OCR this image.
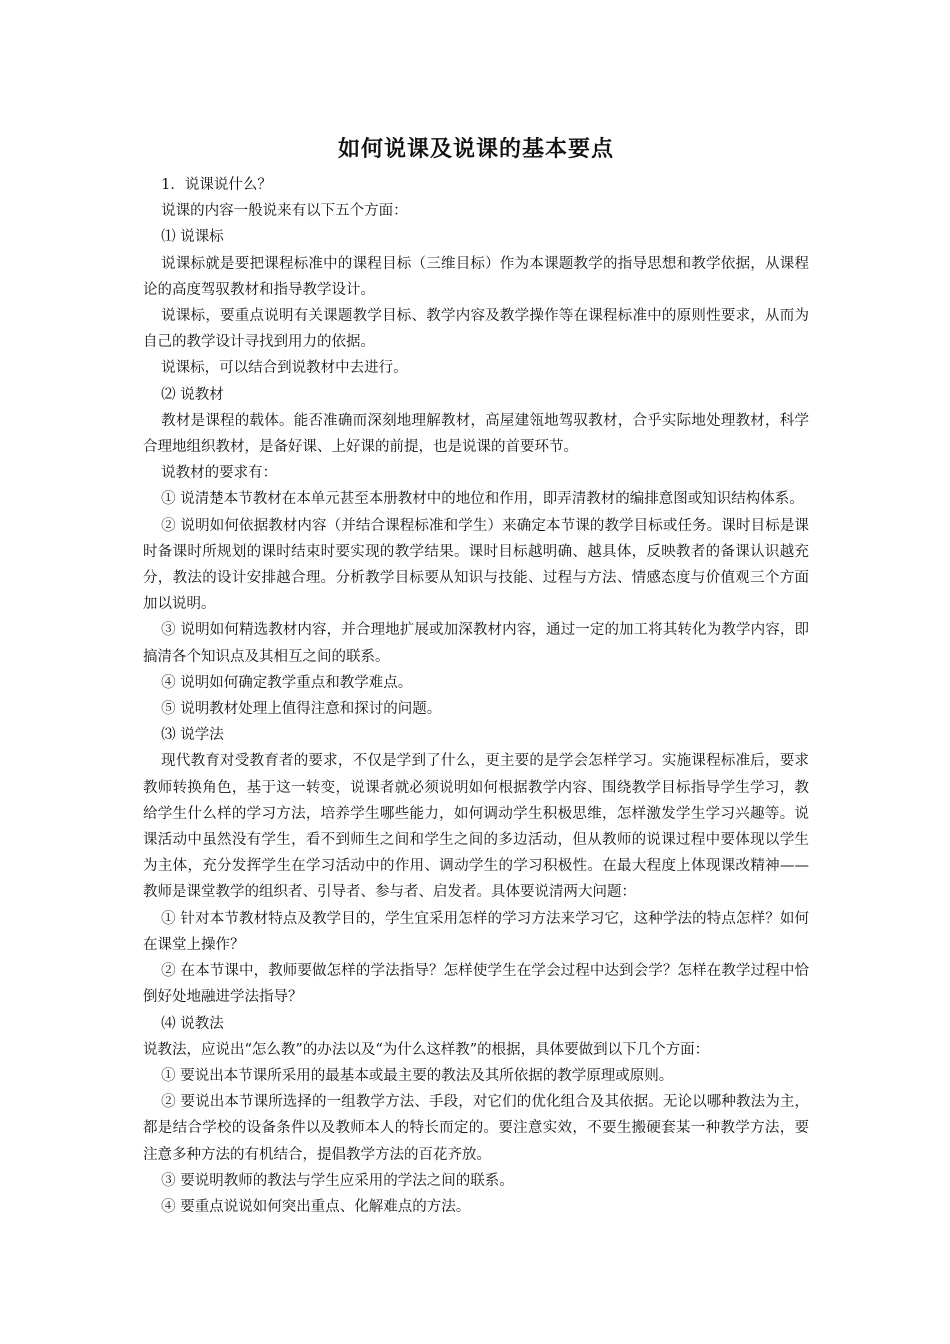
如何说课及说课的基本要点

1．说课说什么？

说课的内容一般说来有以下五个方面：

⑴ 说课标

说课标就是要把课程标准中的课程目标（三维目标）作为本课题教学的指导思想和教学依据，从课程论的高度驾驭教材和指导教学设计。

说课标，要重点说明有关课题教学目标、教学内容及教学操作等在课程标准中的原则性要求，从而为自己的教学设计寻找到用力的依据。

说课标，可以结合到说教材中去进行。

⑵ 说教材

教材是课程的载体。能否准确而深刻地理解教材，高屋建瓴地驾驭教材，合乎实际地处理教材，科学合理地组织教材，是备好课、上好课的前提，也是说课的首要环节。

说教材的要求有：

① 说清楚本节教材在本单元甚至本册教材中的地位和作用，即弄清教材的编排意图或知识结构体系。

② 说明如何依据教材内容（并结合课程标准和学生）来确定本节课的教学目标或任务。课时目标是课时备课时所规划的课时结束时要实现的教学结果。课时目标越明确、越具体，反映教者的备课认识越充分，教法的设计安排越合理。分析教学目标要从知识与技能、过程与方法、情感态度与价值观三个方面加以说明。

③ 说明如何精选教材内容，并合理地扩展或加深教材内容，通过一定的加工将其转化为教学内容，即搞清各个知识点及其相互之间的联系。

④ 说明如何确定教学重点和教学难点。

⑤ 说明教材处理上值得注意和探讨的问题。

⑶ 说学法

现代教育对受教育者的要求，不仅是学到了什么，更主要的是学会怎样学习。实施课程标准后，要求教师转换角色，基于这一转变，说课者就必须说明如何根据教学内容、围绕教学目标指导学生学习，教给学生什么样的学习方法，培养学生哪些能力，如何调动学生积极思维，怎样激发学生学习兴趣等。说课活动中虽然没有学生，看不到师生之间和学生之间的多边活动，但从教师的说课过程中要体现以学生为主体，充分发挥学生在学习活动中的作用、调动学生的学习积极性。在最大程度上体现课改精神——教师是课堂教学的组织者、引导者、参与者、启发者。具体要说清两大问题：

① 针对本节教材特点及教学目的，学生宜采用怎样的学习方法来学习它，这种学法的特点怎样？如何在课堂上操作？

② 在本节课中，教师要做怎样的学法指导？怎样使学生在学会过程中达到会学？怎样在教学过程中恰倒好处地融进学法指导？

⑷ 说教法

说教法，应说出“怎么教”的办法以及“为什么这样教”的根据，具体要做到以下几个方面：

① 要说出本节课所采用的最基本或最主要的教法及其所依据的教学原理或原则。

② 要说出本节课所选择的一组教学方法、手段，对它们的优化组合及其依据。无论以哪种教法为主，都是结合学校的设备条件以及教师本人的特长而定的。要注意实效，不要生搬硬套某一种教学方法，要注意多种方法的有机结合，提倡教学方法的百花齐放。

③ 要说明教师的教法与学生应采用的学法之间的联系。

④ 要重点说说如何突出重点、化解难点的方法。
